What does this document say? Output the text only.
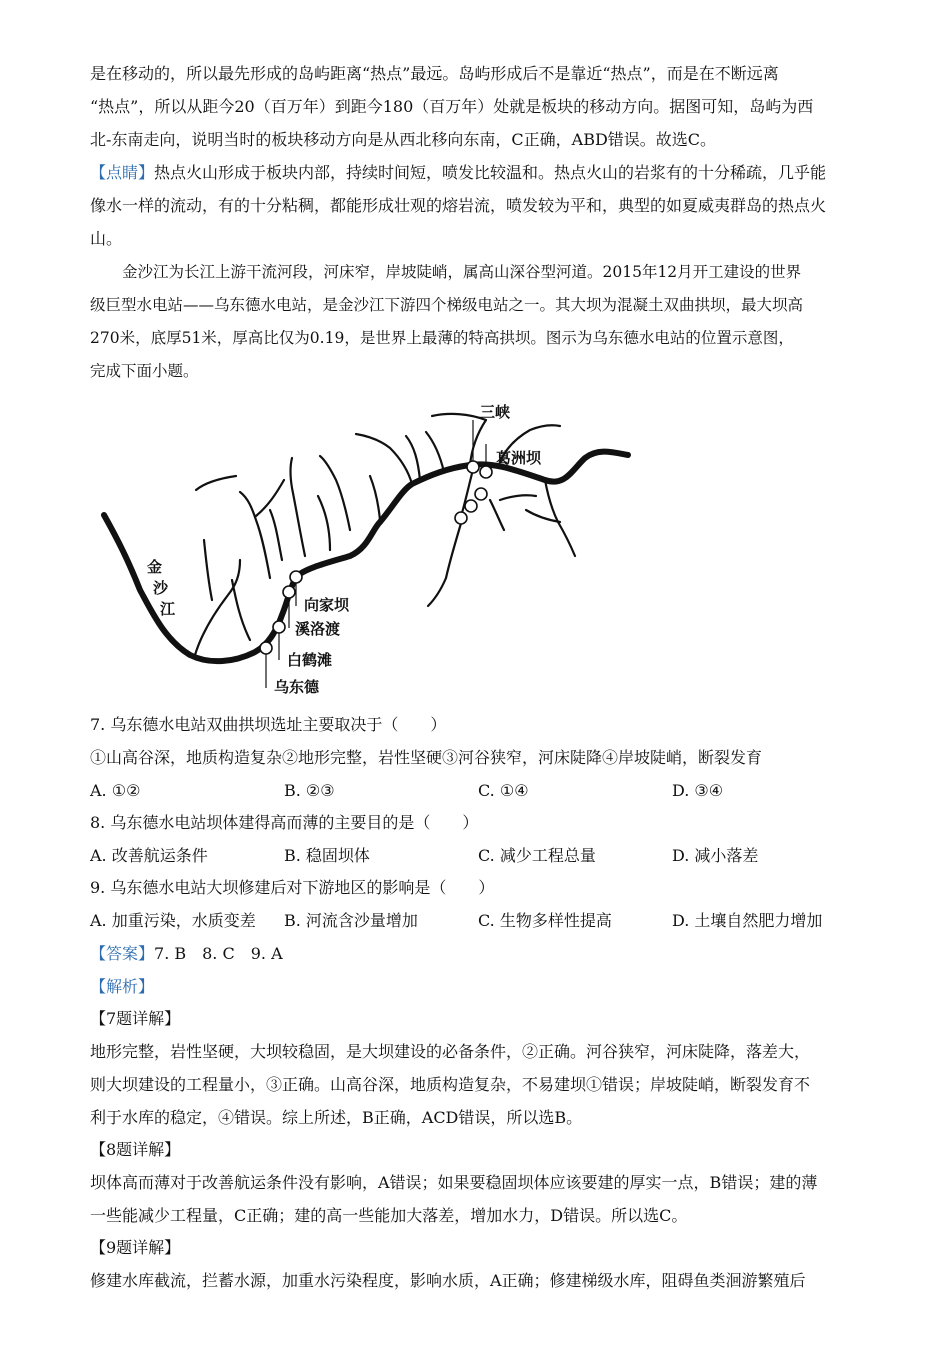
是在移动的，所以最先形成的岛屿距离“热点”最远。岛屿形成后不是靠近“热点”，而是在不断远离
“热点”，所以从距今20（百万年）到距今180（百万年）处就是板块的移动方向。据图可知，岛屿为西
北-东南走向，说明当时的板块移动方向是从西北移向东南，C正确，ABD错误。故选C。
【点睛】热点火山形成于板块内部，持续时间短，喷发比较温和。热点火山的岩浆有的十分稀疏，几乎能
像水一样的流动，有的十分粘稠，都能形成壮观的熔岩流，喷发较为平和，典型的如夏威夷群岛的热点火
山。
金沙江为长江上游干流河段，河床窄，岸坡陡峭，属高山深谷型河道。2015年12月开工建设的世界
级巨型水电站——乌东德水电站，是金沙江下游四个梯级电站之一。其大坝为混凝土双曲拱坝，最大坝高
270米，底厚51米，厚高比仅为0.19，是世界上最薄的特高拱坝。图示为乌东德水电站的位置示意图，
完成下面小题。
三峡
葛洲坝
金
沙
江	向家坝
溪洛渡
白鹤滩
乌东德
7. 乌东德水电站双曲拱坝选址主要取决于（　　）
①山高谷深，地质构造复杂②地形完整，岩性坚硬③河谷狭窄，河床陡降④岸坡陡峭，断裂发育
A. ①②	B. ②③	C. ①④	D. ③④
8. 乌东德水电站坝体建得高而薄的主要目的是（　　）
A. 改善航运条件	B. 稳固坝体	C. 减少工程总量	D. 减小落差
9. 乌东德水电站大坝修建后对下游地区的影响是（　　）
A. 加重污染，水质变差 B. 河流含沙量增加	C. 生物多样性提高	D. 土壤自然肥力增加
【答案】7. B　8. C　9. A
【解析】
【7题详解】
地形完整，岩性坚硬，大坝较稳固，是大坝建设的必备条件，②正确。河谷狭窄，河床陡降，落差大，
则大坝建设的工程量小，③正确。山高谷深，地质构造复杂，不易建坝①错误；岸坡陡峭，断裂发育不
利于水库的稳定，④错误。综上所述，B正确，ACD错误，所以选B。
【8题详解】
坝体高而薄对于改善航运条件没有影响，A错误；如果要稳固坝体应该要建的厚实一点，B错误；建的薄
一些能减少工程量，C正确；建的高一些能加大落差，增加水力，D错误。所以选C。
【9题详解】
修建水库截流，拦蓄水源，加重水污染程度，影响水质，A正确；修建梯级水库，阻碍鱼类洄游繁殖后
